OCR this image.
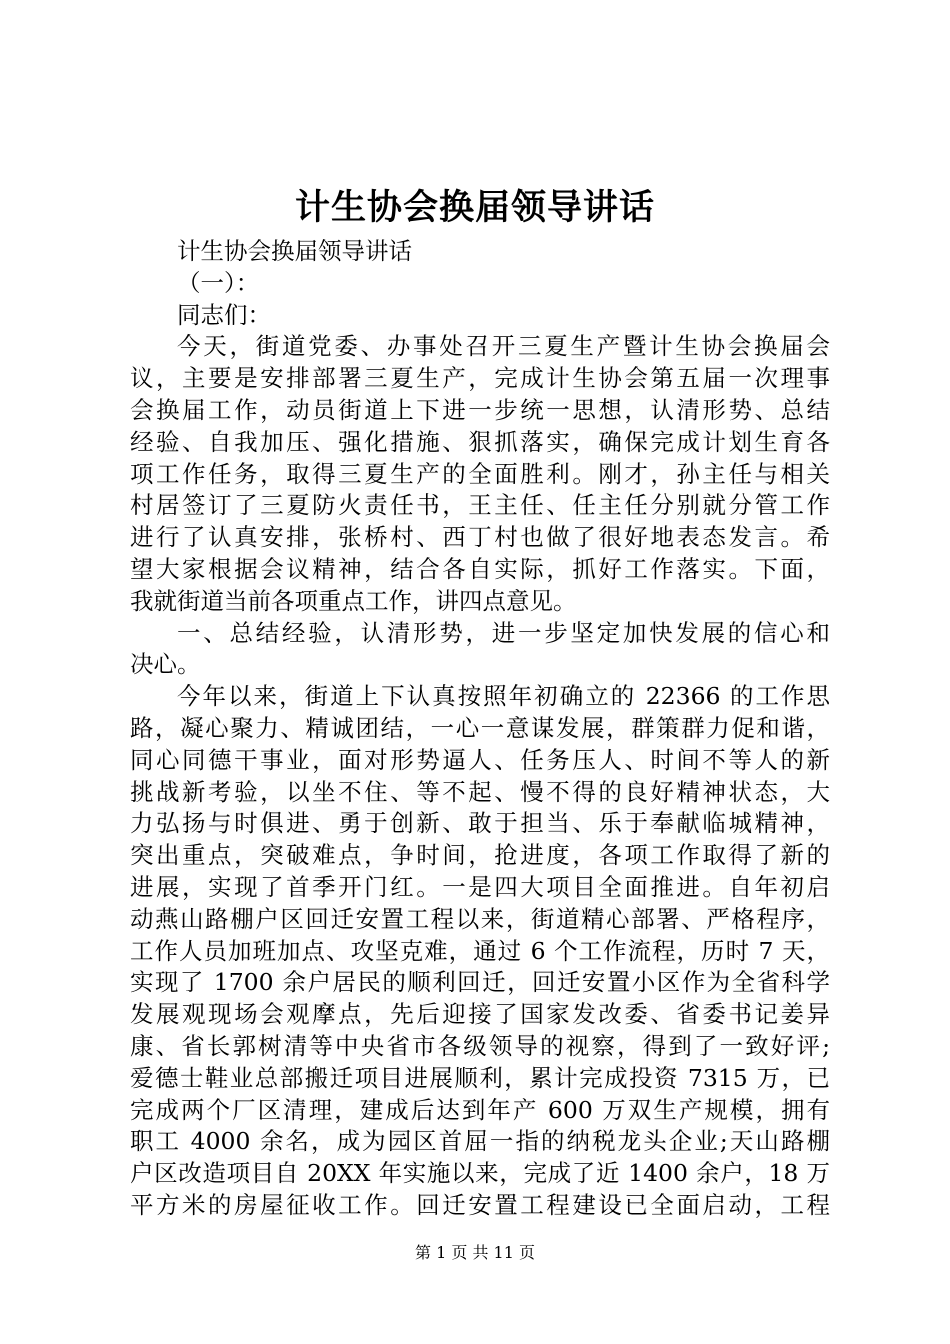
计生协会换届领导讲话
计生协会换届领导讲话
（一）：
同志们：
今天，街道党委、办事处召开三夏生产暨计生协会换届会
议，主要是安排部署三夏生产，完成计生协会第五届一次理事
会换届工作，动员街道上下进一步统一思想，认清形势、总结
经验、自我加压、强化措施、狠抓落实，确保完成计划生育各
项工作任务，取得三夏生产的全面胜利。刚才，孙主任与相关
村居签订了三夏防火责任书，王主任、任主任分别就分管工作
进行了认真安排，张桥村、西丁村也做了很好地表态发言。希
望大家根据会议精神，结合各自实际，抓好工作落实。下面，
我就街道当前各项重点工作，讲四点意见。
一、总结经验，认清形势，进一步坚定加快发展的信心和
决心。
今年以来，街道上下认真按照年初确立的 22366 的工作思
路，凝心聚力、精诚团结，一心一意谋发展，群策群力促和谐，
同心同德干事业，面对形势逼人、任务压人、时间不等人的新
挑战新考验，以坐不住、等不起、慢不得的良好精神状态，大
力弘扬与时俱进、勇于创新、敢于担当、乐于奉献临城精神，
突出重点，突破难点，争时间，抢进度，各项工作取得了新的
进展，实现了首季开门红。一是四大项目全面推进。自年初启
动燕山路棚户区回迁安置工程以来，街道精心部署、严格程序，
工作人员加班加点、攻坚克难，通过 6 个工作流程，历时 7 天，
实现了 1700 余户居民的顺利回迁，回迁安置小区作为全省科学
发展观现场会观摩点，先后迎接了国家发改委、省委书记姜异
康、省长郭树清等中央省市各级领导的视察，得到了一致好评;
爱德士鞋业总部搬迁项目进展顺利，累计完成投资 7315 万，已
完成两个厂区清理，建成后达到年产 600 万双生产规模，拥有
职工 4000 余名，成为园区首屈一指的纳税龙头企业;天山路棚
户区改造项目自 20XX 年实施以来，完成了近 1400 余户，18 万
平方米的房屋征收工作。回迁安置工程建设已全面启动，工程
第 1 页 共 11 页
